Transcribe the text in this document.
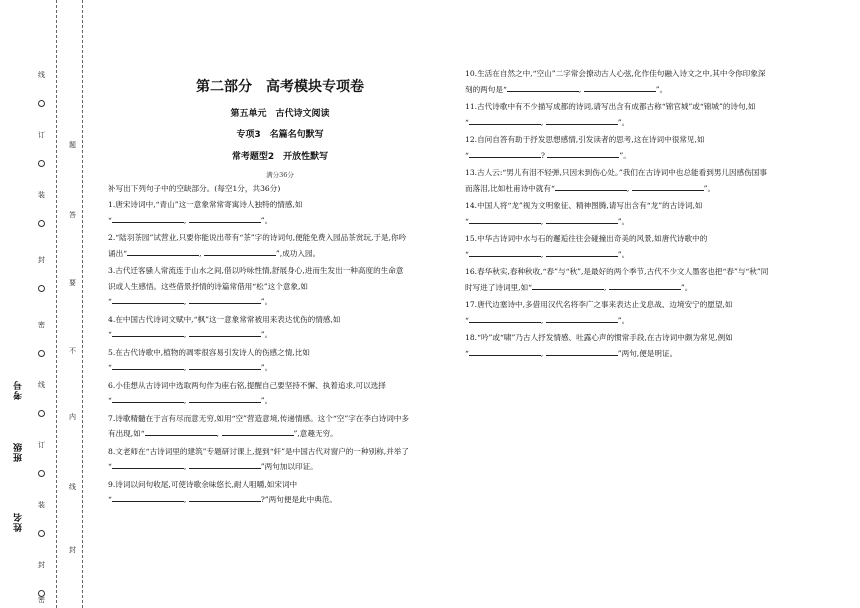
线
订
装
封
密
线
订
装
封
密
题
答
要
不
内
线
封
考号
班级
姓名
第二部分　高考模块专项卷
第五单元　古代诗文阅读
专项3　名篇名句默写
常考题型2　开放性默写
满分36分
补写出下列句子中的空缺部分。(每空1分，共36分)
1.唐宋诗词中,“青山”这一意象常常寄寓诗人独特的情感,如
“	,	”。
2.“陆羽茶园”试营业,只要你能说出带有“茶”字的诗词句,便能免费入园品茶赏玩,于是,你吟
诵出“	,	”,成功入园。
3.古代迁客骚人常流连于山水之间,借以吟咏性情,舒展身心,进而生发出一种高度的生命意
识或人生感悟。这些借景抒情的诗篇常借用“松”这个意象,如
“	,	”。
4.在中国古代诗词文赋中,“枫”这一意象常常被用来表达忧伤的情感,如
“	,	”。
5.在古代诗歌中,植物的凋零很容易引发诗人的伤感之情,比如
“	,	”。
6.小佳想从古诗词中选取两句作为座右铭,提醒自己要坚持不懈、执着追求,可以选择
“	,	”。
7.诗歌精髓在于言有尽而意无穷,如用“空”营造意境,传递情感。这个“空”字在李白诗词中多
有出现,如“	,	”,意趣无穷。
8.文老师在“古诗词里的建筑”专题研讨课上,提到“轩”是中国古代对窗户的一种别称,并举了
“	,	”两句加以印证。
9.诗词以问句收尾,可使诗歌余味悠长,耐人咀嚼,如宋词中
“	,	?”两句便是此中典范。
10.生活在自然之中,“空山”二字常会撩动古人心弦,化作佳句融入诗文之中,其中令你印象深
刻的两句是“	,	”。
11.古代诗歌中有不少描写成都的诗词,请写出含有成都古称“锦官城”或“锦城”的诗句,如
“	,	”。
12.自问自答有助于抒发思想感情,引发读者的思考,这在诗词中很常见,如
“	?	”。
13.古人云:“男儿有泪不轻弹,只因未到伤心处。”我们在古诗词中也总能看到男儿因感伤国事
而落泪,比如杜甫诗中就有“	,	”。
14.中国人将“龙”视为文明象征、精神图腾,请写出含有“龙”的古诗词,如
“	,	”。
15.中华古诗词中水与石的邂逅往往会碰撞出奇美的风景,如唐代诗歌中的
“	,	”。
16.春华秋实,春种秋收,“春”与“秋”,是最好的两个季节,古代不少文人墨客也把“春”与“秋”同
时写进了诗词里,如“	,	”。
17.唐代边塞诗中,多借用汉代名将李广之事来表达止戈息战、边境安宁的愿望,如
“	,	”。
18.“吟”或“啸”乃古人抒发情感、吐露心声的惯常手段,在古诗词中颇为常见,例如
“	,	”两句,便是明证。
